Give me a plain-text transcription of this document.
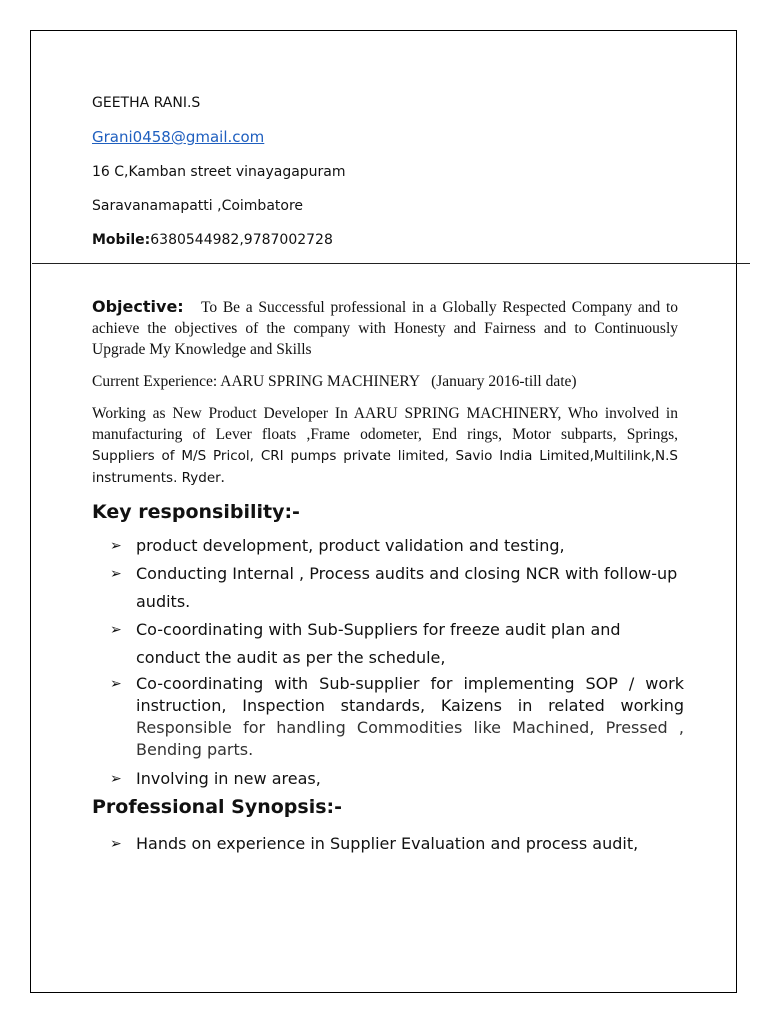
GEETHA RANI.S
Grani0458@gmail.com
16 C,Kamban street vinayagapuram
Saravanamapatti ,Coimbatore
Mobile:6380544982,9787002728
Objective: To Be a Successful professional in a Globally Respected Company and to achieve the objectives of the company with Honesty and Fairness and to Continuously Upgrade My Knowledge and Skills
Current Experience: AARU SPRING MACHINERY   (January 2016-till date)
Working as New Product Developer In AARU SPRING MACHINERY, Who involved in manufacturing of Lever floats ,Frame odometer, End rings, Motor subparts, Springs, Suppliers of M/S Pricol, CRI pumps private limited, Savio India Limited,Multilink,N.S instruments. Ryder.
Key responsibility:-
➢ product development, product validation and testing,
➢ Conducting Internal , Process audits and closing NCR with follow-up audits.
➢ Co-coordinating with Sub-Suppliers for freeze audit plan and conduct the audit as per the schedule,
➢ Co-coordinating with Sub-supplier for implementing SOP / work instruction, Inspection standards, Kaizens in related working Responsible for handling Commodities like Machined, Pressed , Bending parts.
➢ Involving in new areas,
Professional Synopsis:-
➢ Hands on experience in Supplier Evaluation and process audit,
